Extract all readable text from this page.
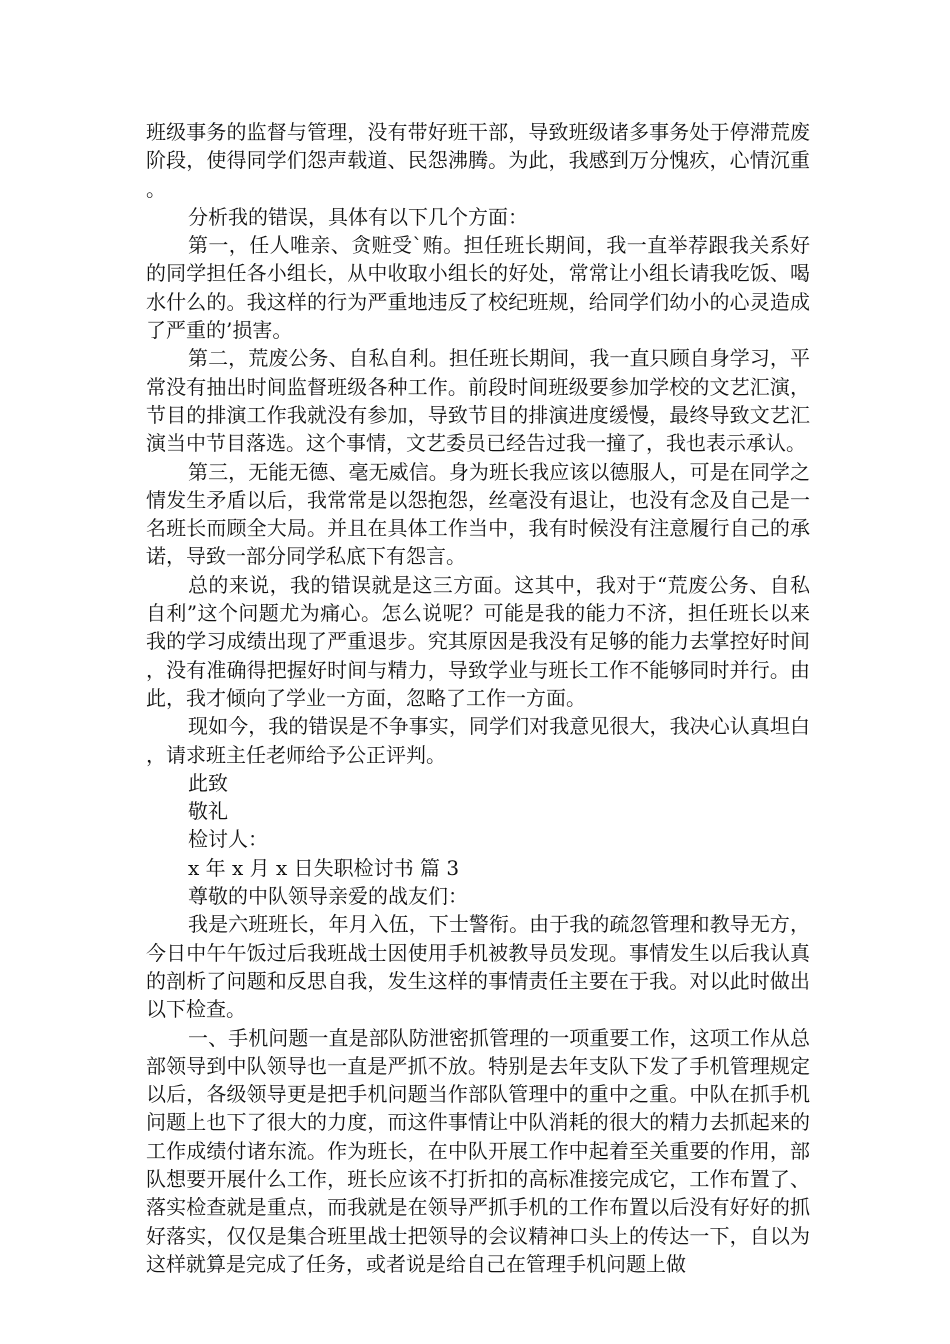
班级事务的监督与管理，没有带好班干部，导致班级诸多事务处于停滞荒废阶段，使得同学们怨声载道、民怨沸腾。为此，我感到万分愧疚，心情沉重。

分析我的错误，具体有以下几个方面：

第一，任人唯亲、贪赃受`贿。担任班长期间，我一直举荐跟我关系好的同学担任各小组长，从中收取小组长的好处，常常让小组长请我吃饭、喝水什么的。我这样的行为严重地违反了校纪班规，给同学们幼小的心灵造成了严重的’损害。

第二，荒废公务、自私自利。担任班长期间，我一直只顾自身学习，平常没有抽出时间监督班级各种工作。前段时间班级要参加学校的文艺汇演，节目的排演工作我就没有参加，导致节目的排演进度缓慢，最终导致文艺汇演当中节目落选。这个事情，文艺委员已经告过我一撞了，我也表示承认。

第三，无能无德、毫无威信。身为班长我应该以德服人，可是在同学之情发生矛盾以后，我常常是以怨抱怨，丝毫没有退让，也没有念及自己是一名班长而顾全大局。并且在具体工作当中，我有时候没有注意履行自己的承诺，导致一部分同学私底下有怨言。

总的来说，我的错误就是这三方面。这其中，我对于“荒废公务、自私自利”这个问题尤为痛心。怎么说呢？可能是我的能力不济，担任班长以来我的学习成绩出现了严重退步。究其原因是我没有足够的能力去掌控好时间，没有准确得把握好时间与精力，导致学业与班长工作不能够同时并行。由此，我才倾向了学业一方面，忽略了工作一方面。

现如今，我的错误是不争事实，同学们对我意见很大，我决心认真坦白，请求班主任老师给予公正评判。

此致

敬礼

检讨人：

x 年 x 月 x 日失职检讨书 篇 3

尊敬的中队领导亲爱的战友们：

我是六班班长，年月入伍，下士警衔。由于我的疏忽管理和教导无方，今日中午午饭过后我班战士因使用手机被教导员发现。事情发生以后我认真的剖析了问题和反思自我，发生这样的事情责任主要在于我。对以此时做出以下检查。

一、手机问题一直是部队防泄密抓管理的一项重要工作，这项工作从总部领导到中队领导也一直是严抓不放。特别是去年支队下发了手机管理规定以后，各级领导更是把手机问题当作部队管理中的重中之重。中队在抓手机问题上也下了很大的力度，而这件事情让中队消耗的很大的精力去抓起来的工作成绩付诸东流。作为班长，在中队开展工作中起着至关重要的作用，部队想要开展什么工作，班长应该不打折扣的高标准接完成它，工作布置了、落实检查就是重点，而我就是在领导严抓手机的工作布置以后没有好好的抓好落实，仅仅是集合班里战士把领导的会议精神口头上的传达一下，自以为这样就算是完成了任务，或者说是给自己在管理手机问题上做
